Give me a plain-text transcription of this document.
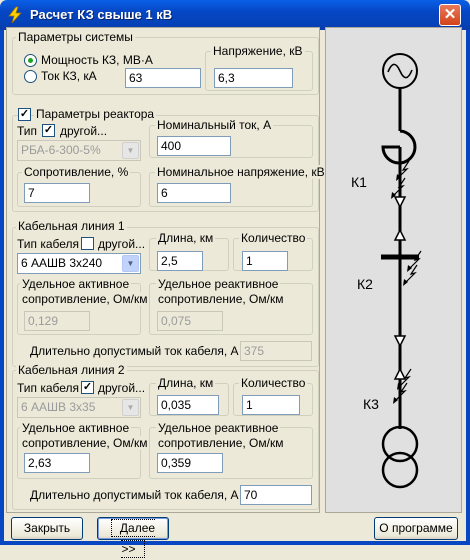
Расчет КЗ свыше 1 кВ	✕
Параметры системы
Мощность КЗ, МВ·А
Ток КЗ, кА	63
Напряжение, кВ
6,3
✓ Параметры реактора
Тип ✓ другой...
РБА-6-300-5%	▼
Номинальный ток, А
400
Сопротивление, %
7
Номинальное напряжение, кВ
6
Кабельная линия 1
Тип кабеля другой...
6 ААШВ 3х240	▼
Длина, км
2,5
Количество
1
Удельное активное
сопротивление, Ом/км
0,129
Удельное реактивное
сопротивление, Ом/км
0,075
Длительно допустимый ток кабеля, А 375
Кабельная линия 2
Тип кабеля ✓ другой...
6 ААШВ 3х35	▼
Длина, км
0,035
Количество
1
Удельное активное
сопротивление, Ом/км
2,63
Удельное реактивное
сопротивление, Ом/км
0,359
Длительно допустимый ток кабеля, А 70
Закрыть	Далее >>
О программе
К1
К2
К3
